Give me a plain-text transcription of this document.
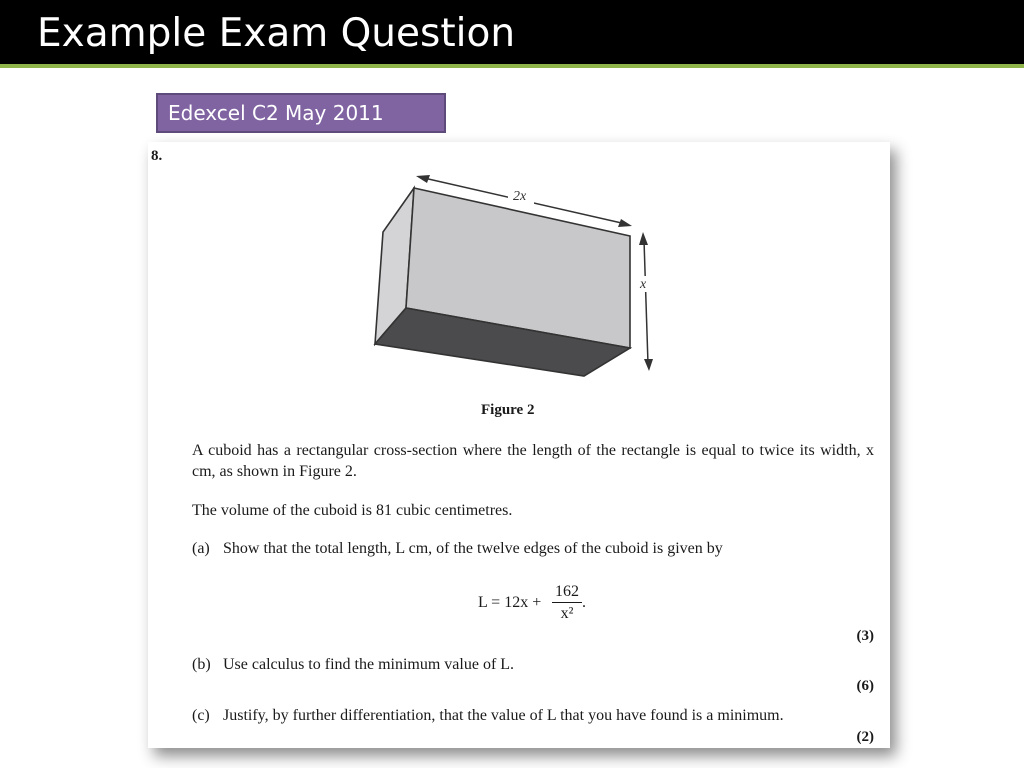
Example Exam Question
Edexcel C2 May 2011
8.
2x
x
Figure 2
A cuboid has a rectangular cross-section where the length of the rectangle is equal to twice its width, x cm, as shown in Figure 2.
The volume of the cuboid is 81 cubic centimetres.
(a) Show that the total length, L cm, of the twelve edges of the cuboid is given by
$L = 12x + \frac{162}{\text{x²}}$ .
(3)
(b) Use calculus to find the minimum value of L.
(6)
(c) Justify, by further differentiation, that the value of L that you have found is a minimum.
(2)
